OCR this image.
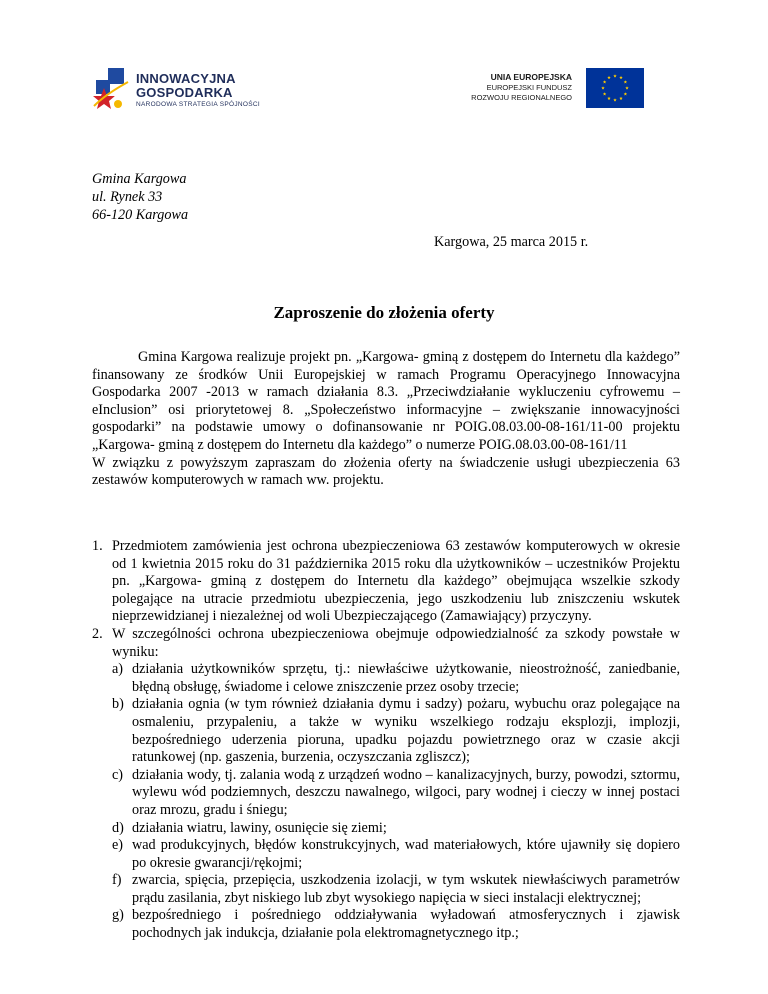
INNOWACYJNA
GOSPODARKA
NARODOWA STRATEGIA SPÓJNOŚCI
UNIA EUROPEJSKA
EUROPEJSKI FUNDUSZ
ROZWOJU REGIONALNEGO
Gmina Kargowa
ul. Rynek 33
66-120 Kargowa
Kargowa, 25 marca 2015 r.
Zaproszenie do złożenia oferty

Gmina Kargowa realizuje projekt pn. „Kargowa- gminą z dostępem do Internetu dla każdego” finansowany ze środków Unii Europejskiej w ramach Programu Operacyjnego Innowacyjna Gospodarka 2007 -2013 w ramach działania 8.3. „Przeciwdziałanie wykluczeniu cyfrowemu – eInclusion” osi priorytetowej 8. „Społeczeństwo informacyjne – zwiększanie innowacyjności gospodarki” na podstawie umowy o dofinansowanie nr POIG.08.03.00-08-161/11-00 projektu „Kargowa- gminą z dostępem do Internetu dla każdego” o numerze POIG.08.03.00-08-161/11

W związku z powyższym zapraszam do złożenia oferty na świadczenie usługi ubezpieczenia 63 zestawów komputerowych w ramach ww. projektu.

1. Przedmiotem zamówienia jest ochrona ubezpieczeniowa 63 zestawów komputerowych w okresie od 1 kwietnia 2015 roku do 31 października 2015 roku dla użytkowników – uczestników Projektu pn. „Kargowa- gminą z dostępem do Internetu dla każdego” obejmująca wszelkie szkody polegające na utracie przedmiotu ubezpieczenia, jego uszkodzeniu lub zniszczeniu wskutek nieprzewidzianej i niezależnej od woli Ubezpieczającego (Zamawiający) przyczyny.
2. W szczególności ochrona ubezpieczeniowa obejmuje odpowiedzialność za szkody powstałe w wyniku:
a) działania użytkowników sprzętu, tj.: niewłaściwe użytkowanie, nieostrożność, zaniedbanie, błędną obsługę, świadome i celowe zniszczenie przez osoby trzecie;
b) działania ognia (w tym również działania dymu i sadzy) pożaru, wybuchu oraz polegające na osmaleniu, przypaleniu, a także w wyniku wszelkiego rodzaju eksplozji, implozji, bezpośredniego uderzenia pioruna, upadku pojazdu powietrznego oraz w czasie akcji ratunkowej (np. gaszenia, burzenia, oczyszczania zgliszcz);
c) działania wody, tj. zalania wodą z urządzeń wodno – kanalizacyjnych, burzy, powodzi, sztormu, wylewu wód podziemnych, deszczu nawalnego, wilgoci, pary wodnej i cieczy w innej postaci oraz mrozu, gradu i śniegu;
d) działania wiatru, lawiny, osunięcie się ziemi;
e) wad produkcyjnych, błędów konstrukcyjnych, wad materiałowych, które ujawniły się dopiero po okresie gwarancji/rękojmi;
f) zwarcia, spięcia, przepięcia, uszkodzenia izolacji, w tym wskutek niewłaściwych parametrów prądu zasilania, zbyt niskiego lub zbyt wysokiego napięcia w sieci instalacji elektrycznej;
g) bezpośredniego i pośredniego oddziaływania wyładowań atmosferycznych i zjawisk pochodnych jak indukcja, działanie pola elektromagnetycznego itp.;
